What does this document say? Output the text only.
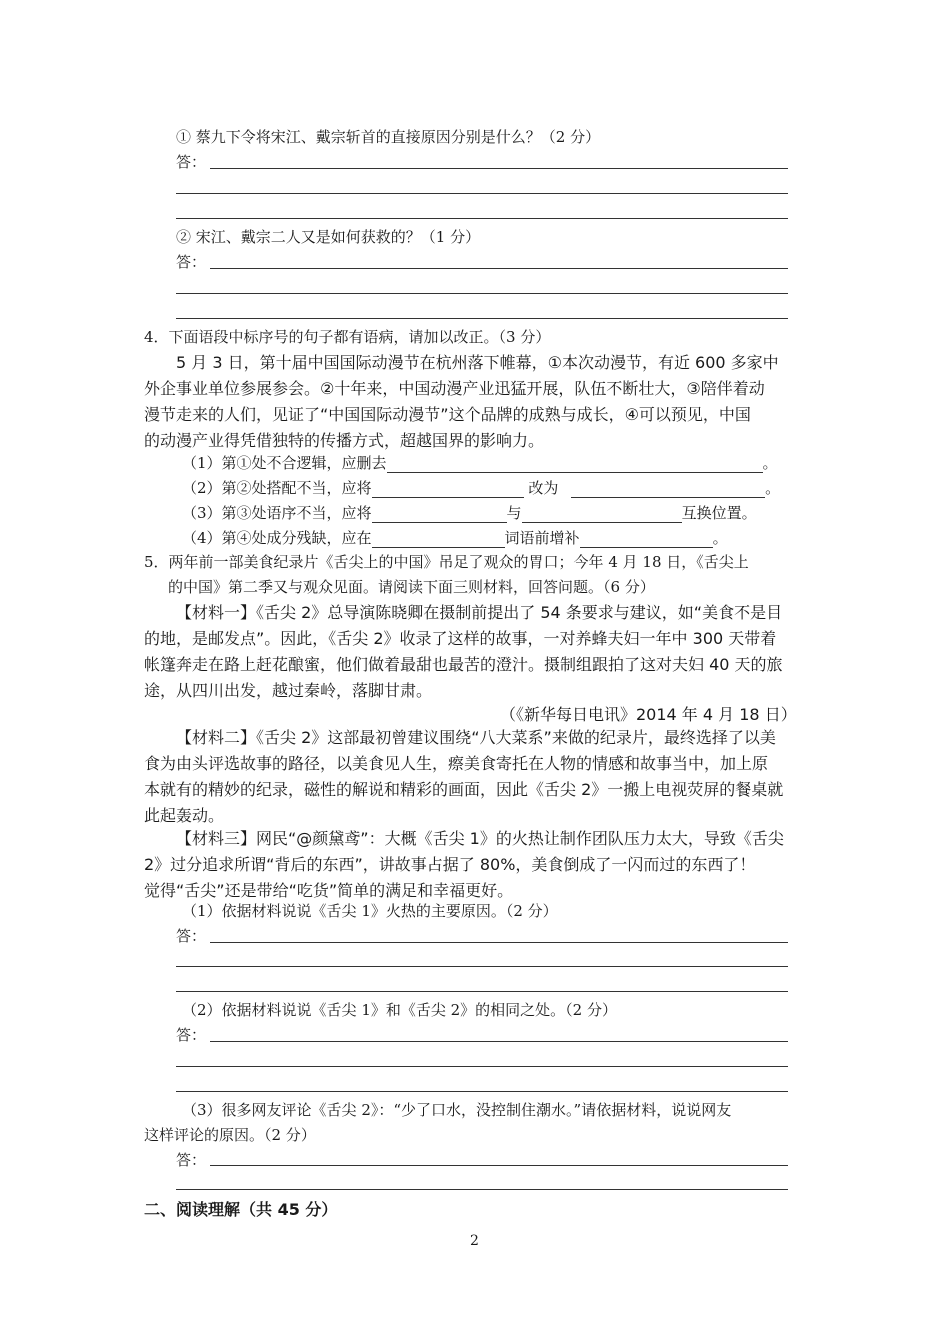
① 蔡九下令将宋江、戴宗斩首的直接原因分别是什么？（2 分）
答：
② 宋江、戴宗二人又是如何获救的？（1 分）
答：
4．下面语段中标序号的句子都有语病，请加以改正。（3 分）
5 月 3 日，第十届中国国际动漫节在杭州落下帷幕，①本次动漫节，有近 600 多家中
外企事业单位参展参会。②十年来，中国动漫产业迅猛开展，队伍不断壮大，③陪伴着动
漫节走来的人们，见证了“中国国际动漫节”这个品牌的成熟与成长，④可以预见，中国
的动漫产业得凭借独特的传播方式，超越国界的影响力。
（1）第①处不合逻辑，应删去	。
（2）第②处搭配不当，应将	改为	。
（3）第③处语序不当，应将	与	互换位置。
（4）第④处成分残缺，应在	词语前增补	。
5．两年前一部美食纪录片《舌尖上的中国》吊足了观众的胃口；今年 4 月 18 日，《舌尖上
的中国》第二季又与观众见面。请阅读下面三则材料，回答问题。（6 分）
【材料一】《舌尖 2》总导演陈晓卿在摄制前提出了 54 条要求与建议，如“美食不是目
的地，是邮发点”。因此，《舌尖 2》收录了这样的故事，一对养蜂夫妇一年中 300 天带着
帐篷奔走在路上赶花酿蜜，他们做着最甜也最苦的澄汁。摄制组跟拍了这对夫妇 40 天的旅
途，从四川出发，越过秦岭，落脚甘肃。
（《新华每日电讯》2014 年 4 月 18 日）
【材料二】《舌尖 2》这部最初曾建议围绕“八大菜系”来做的纪录片，最终选择了以美
食为由头评选故事的路径，以美食见人生，瘵美食寄托在人物的情感和故事当中，加上原
本就有的精妙的纪录，磁性的解说和精彩的画面，因此《舌尖 2》一搬上电视荧屏的餐桌就
此起轰动。
【材料三】网民“@颜黛鸢”：大概《舌尖 1》的火热让制作团队压力太大，导致《舌尖
2》过分追求所谓“背后的东西”，讲故事占据了 80%，美食倒成了一闪而过的东西了！
觉得“舌尖”还是带给“吃货”简单的满足和幸福更好。
（1）依据材料说说《舌尖 1》火热的主要原因。（2 分）
答：
（2）依据材料说说《舌尖 1》和《舌尖 2》的相同之处。（2 分）
答：
（3）很多网友评论《舌尖 2》：“少了口水，没控制住潮水。”请依据材料，说说网友
这样评论的原因。（2 分）
答：
二、阅读理解（共 45 分）
2
